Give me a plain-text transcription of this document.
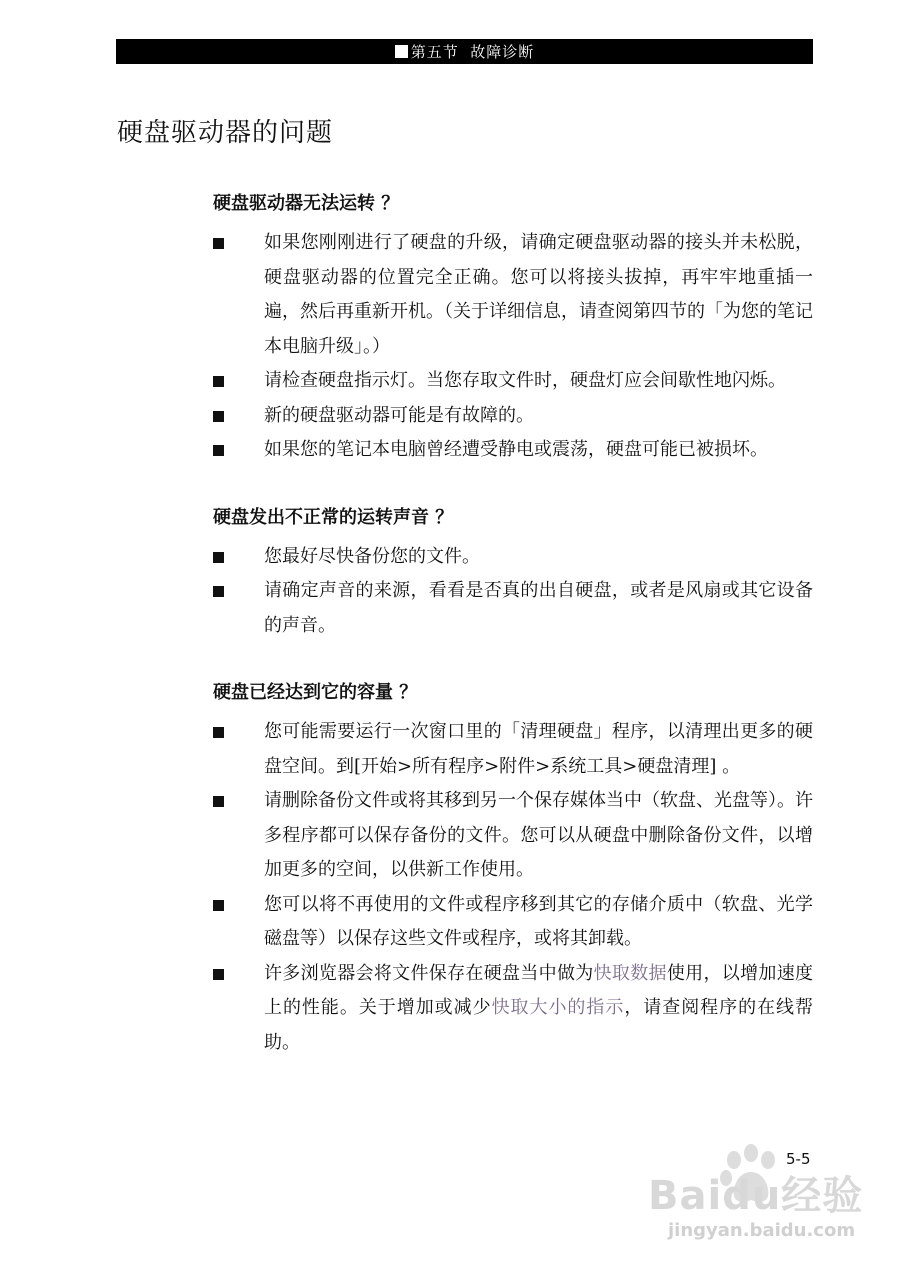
第五节  故障诊断
硬盘驱动器的问题
硬盘驱动器无法运转 ？
如果您刚刚进行了硬盘的升级，请确定硬盘驱动器的接头并未松脱，硬盘驱动器的位置完全正确。您可以将接头拔掉，再牢牢地重插一遍，然后再重新开机。（关于详细信息，请查阅第四节的「为您的笔记本电脑升级」。）
请检查硬盘指示灯。当您存取文件时，硬盘灯应会间歇性地闪烁。
新的硬盘驱动器可能是有故障的。
如果您的笔记本电脑曾经遭受静电或震荡，硬盘可能已被损坏。
硬盘发出不正常的运转声音 ？
您最好尽快备份您的文件。
请确定声音的来源，看看是否真的出自硬盘，或者是风扇或其它设备的声音。
硬盘已经达到它的容量 ？
您可能需要运行一次窗口里的「清理硬盘」程序，以清理出更多的硬盘空间。到[开始>所有程序>附件>系统工具>硬盘清理] 。
请删除备份文件或将其移到另一个保存媒体当中（软盘、光盘等）。许多程序都可以保存备份的文件。您可以从硬盘中删除备份文件，以增加更多的空间，以供新工作使用。
您可以将不再使用的文件或程序移到其它的存储介质中（软盘、光学磁盘等）以保存这些文件或程序，或将其卸载。
许多浏览器会将文件保存在硬盘当中做为快取数据使用，以增加速度上的性能。关于增加或减少快取大小的指示，请查阅程序的在线帮助。
5-5
Baidu经验
jingyan.baidu.com
